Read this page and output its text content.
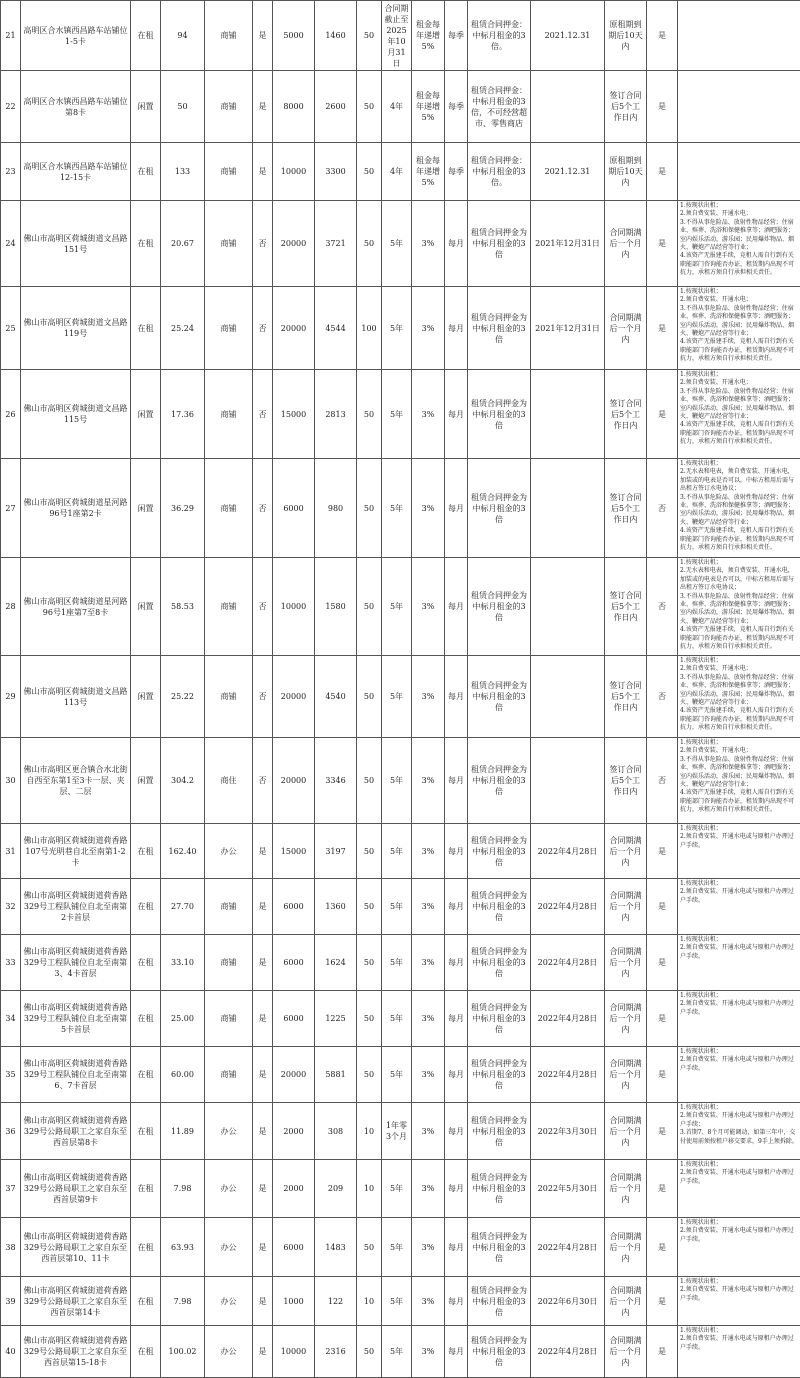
21	高明区合水镇西昌路车站铺位1-5卡	在租	94	商铺	是	5000	1460	50	合同期截止至2025年10月31日	租金每年递增5%	每季	租赁合同押金：中标月租金的3倍。	2021.12.31	原租期到期后10天内	是	
22	高明区合水镇西昌路车站铺位第8卡	闲置	50	商铺	是	8000	2600	50	4年	租金每年递增5%	每季	租赁合同押金：中标月租金的3倍，不可经营超市、零售商店		签订合同后5个工作日内	是	
23	高明区合水镇西昌路车站铺位12-15卡	在租	133	商铺	是	10000	3300	50	4年	租金每年递增5%	每季	租赁合同押金：中标月租金的3倍。	2021.12.31	原租期到期后10天内	是	
24	佛山市高明区荷城街道文昌路151号	在租	20.67	商铺	否	20000	3721	50	5年	3%	每月	租赁合同押金为中标月租金的3倍	2021年12月31日	合同期满后一个月内	是	1.按现状出租；
2.须自费安装、开通水电；
3.不得从事危险品、放射性物品经营；住宿业、殡葬、洗浴和保健推拿等；酒吧服务；室内娱乐活动，游乐园；民用爆炸物品、烟火、鞭炮产品经营等行业；
4.该资产无报建手续，竞租人需自行到有关职能部门咨询能否办证，租赁期内出现不可抗力，承租方须自行承担相关责任。
25	佛山市高明区荷城街道文昌路119号	在租	25.24	商铺	否	20000	4544	100	5年	3%	每月	租赁合同押金为中标月租金的3倍	2021年12月31日	合同期满后一个月内	是	1.按现状出租；
2.须自费安装、开通水电；
3.不得从事危险品、放射性物品经营；住宿业、殡葬、洗浴和保健推拿等；酒吧服务；室内娱乐活动，游乐园；民用爆炸物品、烟火、鞭炮产品经营等行业；
4.该资产无报建手续，竞租人需自行到有关职能部门咨询能否办证，租赁期内出现不可抗力，承租方须自行承担相关责任。
26	佛山市高明区荷城街道文昌路115号	闲置	17.36	商铺	否	15000	2813	50	5年	3%	每月	租赁合同押金为中标月租金的3倍		签订合同后5个工作日内	是	1.按现状出租；
2.须自费安装、开通水电；
3.不得从事危险品、放射性物品经营；住宿业、殡葬、洗浴和保健推拿等；酒吧服务；室内娱乐活动，游乐园；民用爆炸物品、烟火、鞭炮产品经营等行业；
4.该资产无报建手续，竞租人需自行到有关职能部门咨询能否办证，租赁期内出现不可抗力，承租方须自行承担相关责任。
27	佛山市高明区荷城街道星河路96号1座第2卡	闲置	36.29	商铺	否	6000	980	50	5年	3%	每月	租赁合同押金为中标月租金的3倍		签订合同后5个工作日内	否	1.按现状出租；
2.无水表和电表，须自费安装、开通水电，加装或的电表是否可以，中标方租用后需与出租方签订水电协议；
3.不得从事危险品、放射性物品经营；住宿业、殡葬、洗浴和保健推拿等；酒吧服务；室内娱乐活动，游乐园；民用爆炸物品、烟火、鞭炮产品经营等行业；
4.该资产无报建手续，竞租人需自行到有关职能部门咨询能否办证，租赁期内出现不可抗力，承租方须自行承担相关责任。
28	佛山市高明区荷城街道星河路96号1座第7至8卡	闲置	58.53	商铺	否	10000	1580	50	5年	3%	每月	租赁合同押金为中标月租金的3倍		签订合同后5个工作日内	否	1.按现状出租；
2.无水表和电表，须自费安装、开通水电，加装或的电表是否可以，中标方租用后需与出租方签订水电协议；
3.不得从事危险品、放射性物品经营；住宿业、殡葬、洗浴和保健推拿等；酒吧服务；室内娱乐活动，游乐园；民用爆炸物品、烟火、鞭炮产品经营等行业；
4.该资产无报建手续，竞租人需自行到有关职能部门咨询能否办证，租赁期内出现不可抗力，承租方须自行承担相关责任。
29	佛山市高明区荷城街道文昌路113号	闲置	25.22	商铺	否	20000	4540	50	5年	3%	每月	租赁合同押金为中标月租金的3倍		签订合同后5个工作日内	否	1.按现状出租；
2.须自费安装、开通水电；
3.不得从事危险品、放射性物品经营；住宿业、殡葬、洗浴和保健推拿等；酒吧服务；室内娱乐活动，游乐园；民用爆炸物品、烟火、鞭炮产品经营等行业；
4.该资产无报建手续，竞租人需自行到有关职能部门咨询能否办证，租赁期内出现不可抗力，承租方须自行承担相关责任。
30	佛山市高明区更合镇合水北街自西至东第1至3卡一层、夹层、二层	闲置	304.2	商住	否	20000	3346	50	5年	3%	每月	租赁合同押金为中标月租金的3倍		签订合同后5个工作日内	否	1.按现状出租；
2.须自费安装、开通水电；
3.不得从事危险品、放射性物品经营；住宿业、殡葬、洗浴和保健推拿等；酒吧服务；室内娱乐活动，游乐园；民用爆炸物品、烟火、鞭炮产品经营等行业；
4.该资产无报建手续，竞租人需自行到有关职能部门咨询能否办证，租赁期内出现不可抗力，承租方须自行承担相关责任。
31	佛山市高明区荷城街道荷香路107号光明巷自北至南第1-2卡	在租	162.40	办公	是	15000	3197	50	5年	3%	每月	租赁合同押金为中标月租金的3倍	2022年4月28日	合同期满后一个月内	是	1.按现状出租；
2.须自费安装、开通水电或与原租户办理过户手续。
32	佛山市高明区荷城街道荷香路329号工程队铺位自北至南第2卡首层	在租	27.70	商铺	是	6000	1360	50	5年	3%	每月	租赁合同押金为中标月租金的3倍	2022年4月28日	合同期满后一个月内	是	1.按现状出租；
2.须自费安装、开通水电或与原租户办理过户手续。
33	佛山市高明区荷城街道荷香路329号工程队铺位自北至南第3、4卡首层	在租	33.10	商铺	是	6000	1624	50	5年	3%	每月	租赁合同押金为中标月租金的3倍	2022年4月28日	合同期满后一个月内	是	1.按现状出租；
2.须自费安装、开通水电或与原租户办理过户手续。
34	佛山市高明区荷城街道荷香路329号工程队铺位自北至南第5卡首层	在租	25.00	商铺	是	6000	1225	50	5年	3%	每月	租赁合同押金为中标月租金的3倍	2022年4月28日	合同期满后一个月内	是	1.按现状出租；
2.须自费安装、开通水电或与原租户办理过户手续。
35	佛山市高明区荷城街道荷香路329号工程队铺位自北至南第6、7卡首层	在租	60.00	商铺	是	20000	5881	50	5年	3%	每月	租赁合同押金为中标月租金的3倍	2022年4月28日	合同期满后一个月内	是	1.按现状出租；
2.须自费安装、开通水电或与原租户办理过户手续。
36	佛山市高明区荷城街道荷香路329号公路局职工之家自东至西首层第8卡	在租	11.89	办公	是	2000	308	10	1年零3个月	3%	每月	租赁合同押金为中标月租金的3倍	2022年3月30日	合同期满后一个月内	是	1.按现状出租；
2.须自费安装、开通水电或与原租户办理过户手续；
3.首期7、8个月可能调动，如第三年中，交付使用前须按租户移交要求，9手上须拆除。
37	佛山市高明区荷城街道荷香路329号公路局职工之家自东至西首层第9卡	在租	7.98	办公	是	2000	209	10	5年	3%	每月	租赁合同押金为中标月租金的3倍	2022年5月30日	合同期满后一个月内	是	1.按现状出租；
2.须自费安装、开通水电或与原租户办理过户手续。
38	佛山市高明区荷城街道荷香路329号公路局职工之家自东至西首层第10、11卡	在租	63.93	办公	是	6000	1483	50	5年	3%	每月	租赁合同押金为中标月租金的3倍	2022年4月28日	合同期满后一个月内	是	1.按现状出租；
2.须自费安装、开通水电或与原租户办理过户手续。
39	佛山市高明区荷城街道荷香路329号公路局职工之家自东至西首层第14卡	在租	7.98	办公	是	1000	122	10	5年	3%	每月	租赁合同押金为中标月租金的3倍	2022年6月30日	合同期满后一个月内	是	1.按现状出租；
2.须自费安装、开通水电或与原租户办理过户手续。
40	佛山市高明区荷城街道荷香路329号公路局职工之家自东至西首层第15-18卡	在租	100.02	办公	是	10000	2316	50	5年	3%	每月	租赁合同押金为中标月租金的3倍	2022年4月28日	合同期满后一个月内	是	1.按现状出租；
2.须自费安装、开通水电或与原租户办理过户手续。
